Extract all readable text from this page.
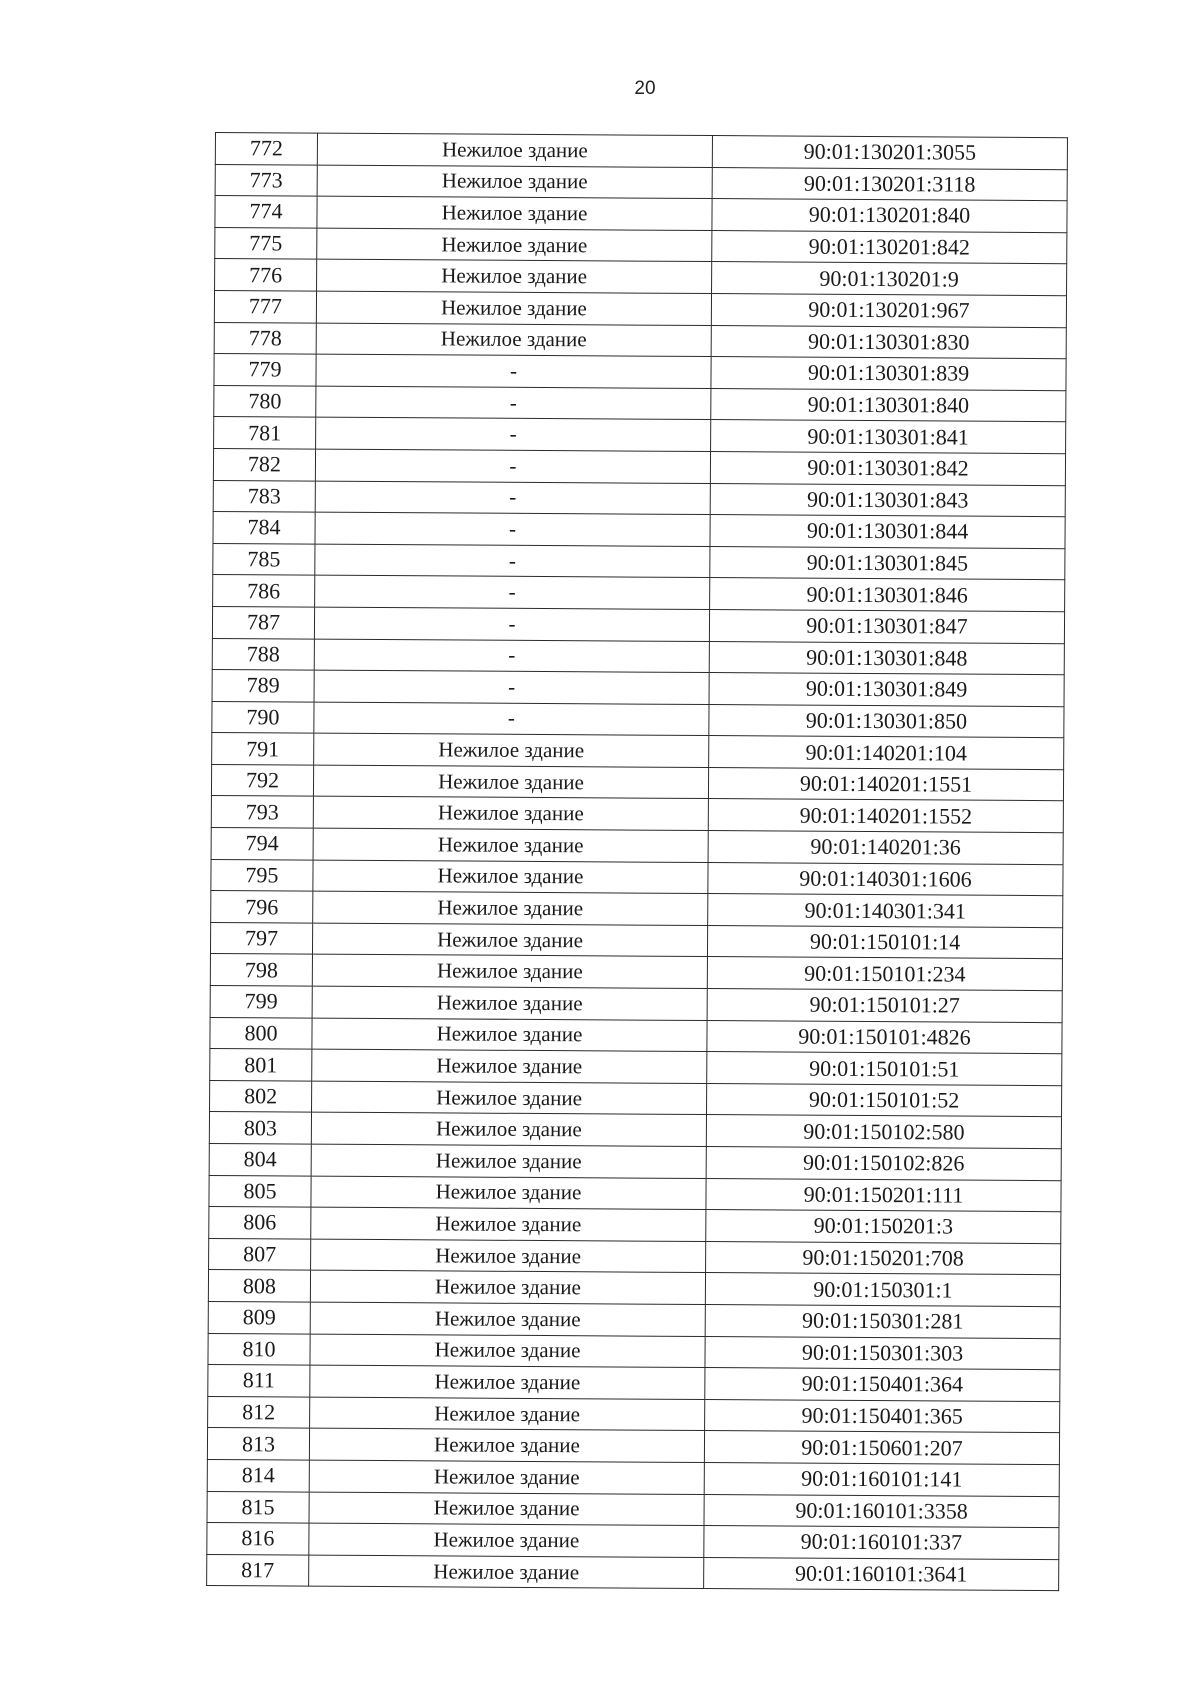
20
772	Нежилое здание	90:01:130201:3055
773	Нежилое здание	90:01:130201:3118
774	Нежилое здание	90:01:130201:840
775	Нежилое здание	90:01:130201:842
776	Нежилое здание	90:01:130201:9
777	Нежилое здание	90:01:130201:967
778	Нежилое здание	90:01:130301:830
779	-	90:01:130301:839
780	-	90:01:130301:840
781	-	90:01:130301:841
782	-	90:01:130301:842
783	-	90:01:130301:843
784	-	90:01:130301:844
785	-	90:01:130301:845
786	-	90:01:130301:846
787	-	90:01:130301:847
788	-	90:01:130301:848
789	-	90:01:130301:849
790	-	90:01:130301:850
791	Нежилое здание	90:01:140201:104
792	Нежилое здание	90:01:140201:1551
793	Нежилое здание	90:01:140201:1552
794	Нежилое здание	90:01:140201:36
795	Нежилое здание	90:01:140301:1606
796	Нежилое здание	90:01:140301:341
797	Нежилое здание	90:01:150101:14
798	Нежилое здание	90:01:150101:234
799	Нежилое здание	90:01:150101:27
800	Нежилое здание	90:01:150101:4826
801	Нежилое здание	90:01:150101:51
802	Нежилое здание	90:01:150101:52
803	Нежилое здание	90:01:150102:580
804	Нежилое здание	90:01:150102:826
805	Нежилое здание	90:01:150201:111
806	Нежилое здание	90:01:150201:3
807	Нежилое здание	90:01:150201:708
808	Нежилое здание	90:01:150301:1
809	Нежилое здание	90:01:150301:281
810	Нежилое здание	90:01:150301:303
811	Нежилое здание	90:01:150401:364
812	Нежилое здание	90:01:150401:365
813	Нежилое здание	90:01:150601:207
814	Нежилое здание	90:01:160101:141
815	Нежилое здание	90:01:160101:3358
816	Нежилое здание	90:01:160101:337
817	Нежилое здание	90:01:160101:3641
